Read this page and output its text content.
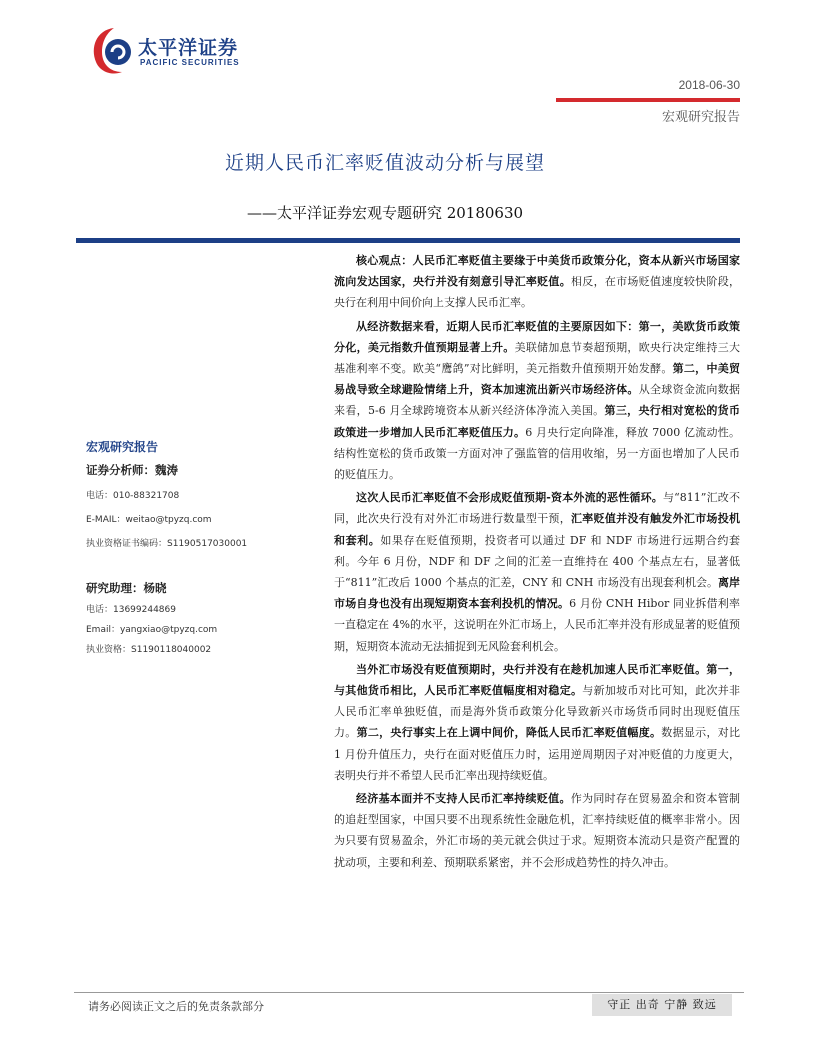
太平洋证券
PACIFIC SECURITIES
2018-06-30
宏观研究报告
近期人民币汇率贬值波动分析与展望
——太平洋证券宏观专题研究 20180630
宏观研究报告
证券分析师：魏涛
电话：010-88321708
E-MAIL：weitao@tpyzq.com
执业资格证书编码：S1190517030001
研究助理：杨晓
电话：13699244869
Email：yangxiao@tpyzq.com
执业资格：S1190118040002

核心观点：人民币汇率贬值主要缘于中美货币政策分化，资本从新兴市场国家流向发达国家，央行并没有刻意引导汇率贬值。相反，在市场贬值速度较快阶段，央行在利用中间价向上支撑人民币汇率。

从经济数据来看，近期人民币汇率贬值的主要原因如下：第一，美欧货币政策分化，美元指数升值预期显著上升。美联储加息节奏超预期，欧央行决定维持三大基准利率不变。欧美“鹰鸽”对比鲜明，美元指数升值预期开始发酵。第二，中美贸易战导致全球避险情绪上升，资本加速流出新兴市场经济体。从全球资金流向数据来看，5-6 月全球跨境资本从新兴经济体净流入美国。第三，央行相对宽松的货币政策进一步增加人民币汇率贬值压力。6 月央行定向降准，释放 7000 亿流动性。结构性宽松的货币政策一方面对冲了强监管的信用收缩，另一方面也增加了人民币的贬值压力。

这次人民币汇率贬值不会形成贬值预期-资本外流的恶性循环。与“811”汇改不同，此次央行没有对外汇市场进行数量型干预，汇率贬值并没有触发外汇市场投机和套利。如果存在贬值预期，投资者可以通过 DF 和 NDF 市场进行远期合约套利。今年 6 月份，NDF 和 DF 之间的汇差一直维持在 400 个基点左右，显著低于“811”汇改后 1000 个基点的汇差，CNY 和 CNH 市场没有出现套利机会。离岸市场自身也没有出现短期资本套利投机的情况。6 月份 CNH Hibor 同业拆借利率一直稳定在 4%的水平，这说明在外汇市场上，人民币汇率并没有形成显著的贬值预期，短期资本流动无法捕捉到无风险套利机会。

当外汇市场没有贬值预期时，央行并没有在趁机加速人民币汇率贬值。第一，与其他货币相比，人民币汇率贬值幅度相对稳定。与新加坡币对比可知，此次并非人民币汇率单独贬值，而是海外货币政策分化导致新兴市场货币同时出现贬值压力。第二，央行事实上在上调中间价，降低人民币汇率贬值幅度。数据显示，对比 1 月份升值压力，央行在面对贬值压力时，运用逆周期因子对冲贬值的力度更大，表明央行并不希望人民币汇率出现持续贬值。

经济基本面并不支持人民币汇率持续贬值。作为同时存在贸易盈余和资本管制的追赶型国家，中国只要不出现系统性金融危机，汇率持续贬值的概率非常小。因为只要有贸易盈余，外汇市场的美元就会供过于求。短期资本流动只是资产配置的扰动项，主要和利差、预期联系紧密，并不会形成趋势性的持久冲击。

请务必阅读正文之后的免责条款部分	守正 出奇 宁静 致远
